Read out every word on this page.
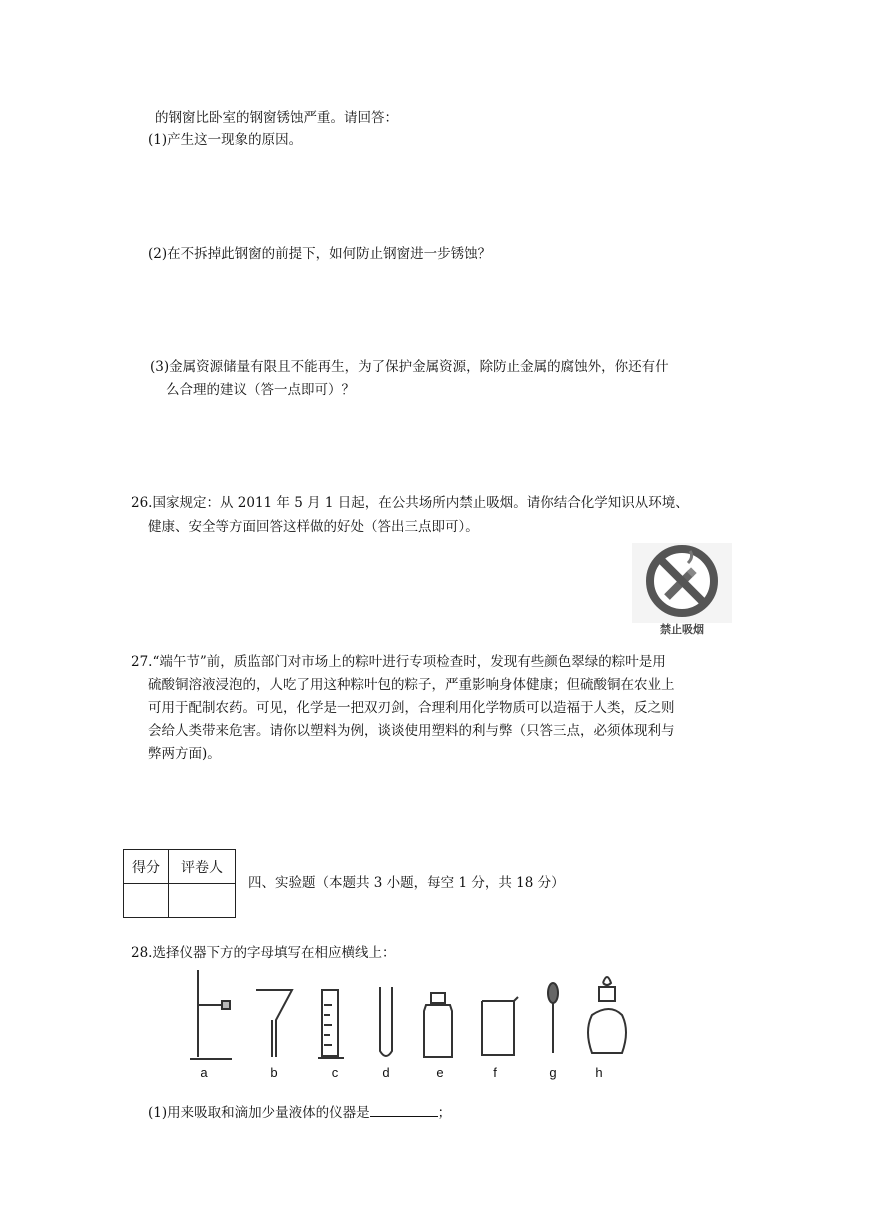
的钢窗比卧室的钢窗锈蚀严重。请回答：
(1)产生这一现象的原因。
(2)在不拆掉此钢窗的前提下，如何防止钢窗进一步锈蚀？
(3)金属资源储量有限且不能再生，为了保护金属资源，除防止金属的腐蚀外，你还有什
么合理的建议（答一点即可）？
26.国家规定：从 2011 年 5 月 1 日起，在公共场所内禁止吸烟。请你结合化学知识从环境、
健康、安全等方面回答这样做的好处（答出三点即可）。
禁止吸烟
27.“端午节”前，质监部门对市场上的粽叶进行专项检查时，发现有些颜色翠绿的粽叶是用
硫酸铜溶液浸泡的，人吃了用这种粽叶包的粽子，严重影响身体健康；但硫酸铜在农业上
可用于配制农药。可见，化学是一把双刃剑，合理利用化学物质可以造福于人类，反之则
会给人类带来危害。请你以塑料为例，谈谈使用塑料的利与弊（只答三点，必须体现利与
弊两方面)。
得分	评卷人

四、实验题（本题共 3 小题，每空 1 分，共 18 分）
28.选择仪器下方的字母填写在相应横线上：
a	b	c	d	e	f	g	h
(1)用来吸取和滴加少量液体的仪器是	；
